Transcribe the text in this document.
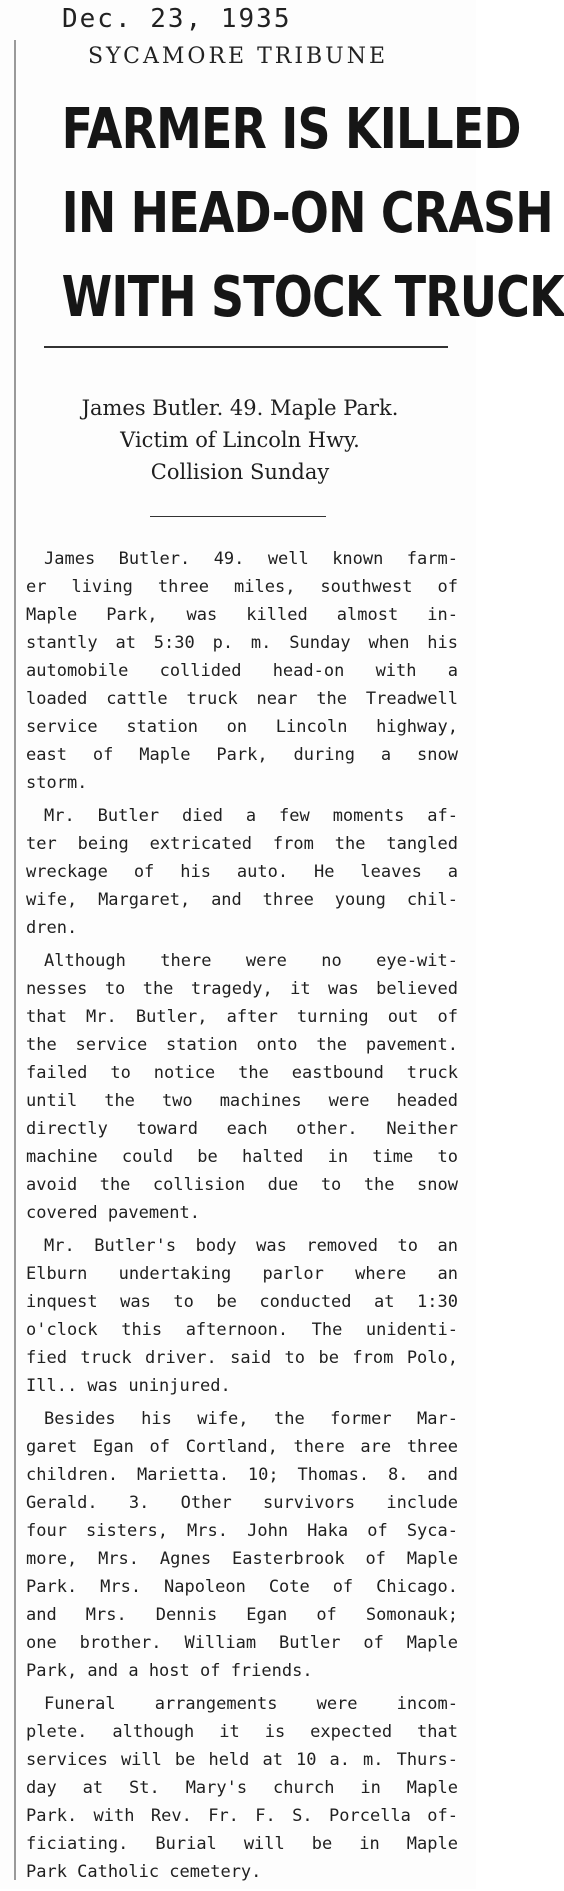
Dec. 23, 1935
SYCAMORE TRIBUNE
FARMER IS KILLED
IN HEAD-ON CRASH
WITH STOCK TRUCK
James Butler. 49. Maple Park.
Victim of Lincoln Hwy.
Collision Sunday
James Butler. 49. well known farm-
er living three miles, southwest of
Maple Park, was killed almost in-
stantly at 5:30 p. m. Sunday when his
automobile collided head-on with a
loaded cattle truck near the Treadwell
service station on Lincoln highway,
east of Maple Park, during a snow
storm.
Mr. Butler died a few moments af-
ter being extricated from the tangled
wreckage of his auto. He leaves a
wife, Margaret, and three young chil-
dren.
Although there were no eye-wit-
nesses to the tragedy, it was believed
that Mr. Butler, after turning out of
the service station onto the pavement.
failed to notice the eastbound truck
until the two machines were headed
directly toward each other. Neither
machine could be halted in time to
avoid the collision due to the snow
covered pavement.
Mr. Butler's body was removed to an
Elburn undertaking parlor where an
inquest was to be conducted at 1:30
o'clock this afternoon. The unidenti-
fied truck driver. said to be from Polo,
Ill.. was uninjured.
Besides his wife, the former Mar-
garet Egan of Cortland, there are three
children. Marietta. 10; Thomas. 8. and
Gerald. 3. Other survivors include
four sisters, Mrs. John Haka of Syca-
more, Mrs. Agnes Easterbrook of Maple
Park. Mrs. Napoleon Cote of Chicago.
and Mrs. Dennis Egan of Somonauk;
one brother. William Butler of Maple
Park, and a host of friends.
Funeral arrangements were incom-
plete. although it is expected that
services will be held at 10 a. m. Thurs-
day at St. Mary's church in Maple
Park. with Rev. Fr. F. S. Porcella of-
ficiating. Burial will be in Maple
Park Catholic cemetery.
